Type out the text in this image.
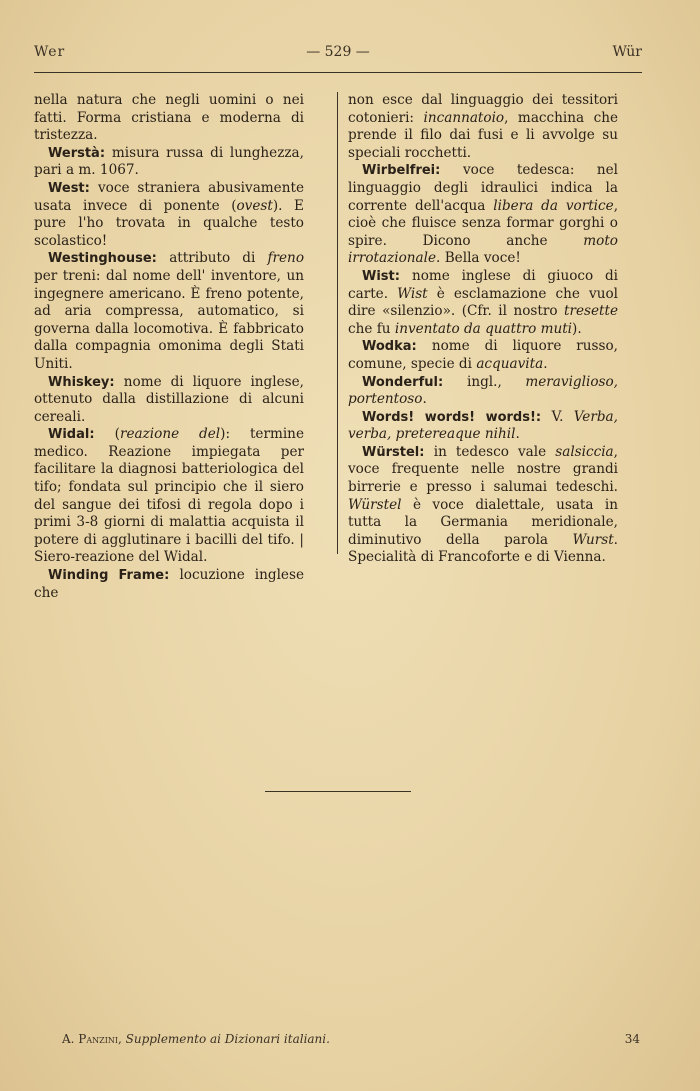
Wer	— 529 —	Wür

nella natura che negli uomini o nei fatti. Forma cristiana e moderna di tristezza.

Werstà: misura russa di lunghezza, pari a m. 1067.

West: voce straniera abusivamente usata invece di ponente (ovest). E pure l'ho trovata in qualche testo scolastico!

Westinghouse: attributo di freno per treni: dal nome dell' inventore, un ingegnere americano. È freno potente, ad aria compressa, automatico, si governa dalla locomotiva. È fabbricato dalla compagnia omonima degli Stati Uniti.

Whiskey: nome di liquore inglese, ottenuto dalla distillazione di alcuni cereali.

Widal: (reazione del): termine medico. Reazione impiegata per facilitare la diagnosi batteriologica del tifo; fondata sul principio che il siero del sangue dei tifosi di regola dopo i primi 3-8 giorni di malattia acquista il potere di agglutinare i bacilli del tifo. | Siero-reazione del Widal.

Winding Frame: locuzione inglese che

non esce dal linguaggio dei tessitori cotonieri: incannatoio, macchina che prende il filo dai fusi e li avvolge su speciali rocchetti.

Wirbelfrei: voce tedesca: nel linguaggio degli idraulici indica la corrente dell'acqua libera da vortice, cioè che fluisce senza formar gorghi o spire. Dicono anche moto irrotazionale. Bella voce!

Wist: nome inglese di giuoco di carte. Wist è esclamazione che vuol dire «silenzio». (Cfr. il nostro tresette che fu inventato da quattro muti).

Wodka: nome di liquore russo, comune, specie di acquavita.

Wonderful: ingl., meraviglioso, portentoso.

Words! words! words!: V. Verba, verba, pretereaque nihil.

Würstel: in tedesco vale salsiccia, voce frequente nelle nostre grandi birrerie e presso i salumai tedeschi. Würstel è voce dialettale, usata in tutta la Germania meridionale, diminutivo della parola Wurst. Specialità di Francoforte e di Vienna.

A. Panzini, Supplemento ai Dizionari italiani.	34
